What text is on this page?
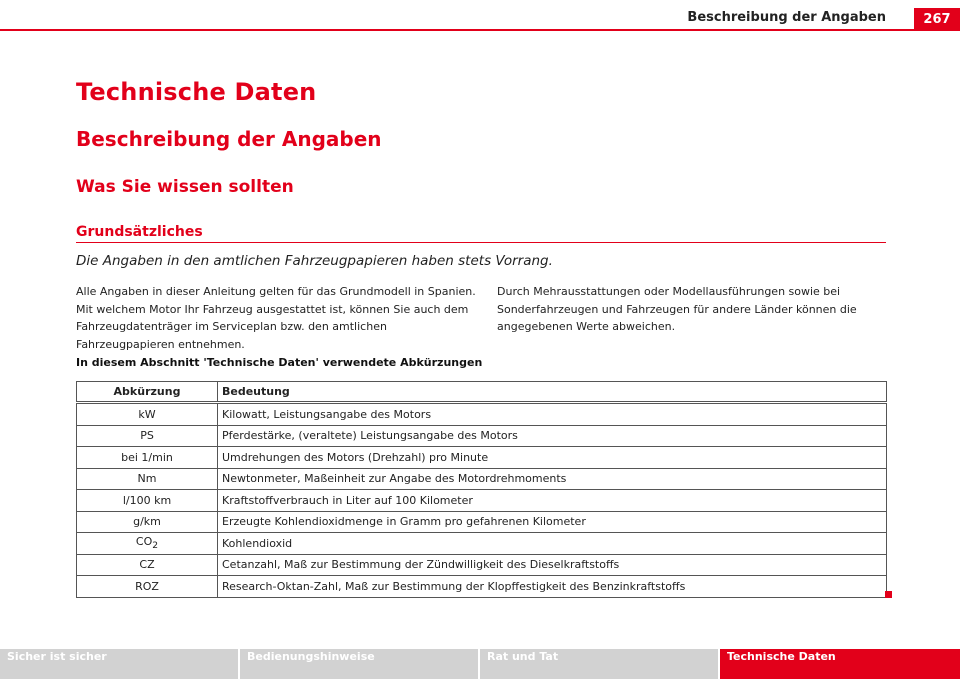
Beschreibung der Angaben	267
Technische Daten
Beschreibung der Angaben
Was Sie wissen sollten
Grundsätzliches
Die Angaben in den amtlichen Fahrzeugpapieren haben stets Vorrang.
Alle Angaben in dieser Anleitung gelten für das Grundmodell in Spanien. Mit welchem Motor Ihr Fahrzeug ausgestattet ist, können Sie auch dem Fahrzeugdatenträger im Serviceplan bzw. den amtlichen Fahrzeugpapieren entnehmen.
Durch Mehrausstattungen oder Modellausführungen sowie bei Sonderfahrzeugen und Fahrzeugen für andere Länder können die angegebenen Werte abweichen.
In diesem Abschnitt 'Technische Daten' verwendete Abkürzungen
Abkürzung	Bedeutung
kW	Kilowatt, Leistungsangabe des Motors
PS	Pferdestärke, (veraltete) Leistungsangabe des Motors
bei 1/min	Umdrehungen des Motors (Drehzahl) pro Minute
Nm	Newtonmeter, Maßeinheit zur Angabe des Motordrehmoments
l/100 km	Kraftstoffverbrauch in Liter auf 100 Kilometer
g/km	Erzeugte Kohlendioxidmenge in Gramm pro gefahrenen Kilometer
$CO_2$	Kohlendioxid
CZ	Cetanzahl, Maß zur Bestimmung der Zündwilligkeit des Dieselkraftstoffs
ROZ	Research-Oktan-Zahl, Maß zur Bestimmung der Klopffestigkeit des Benzinkraftstoffs
Sicher ist sicher	Bedienungshinweise	Rat und Tat	Technische Daten
